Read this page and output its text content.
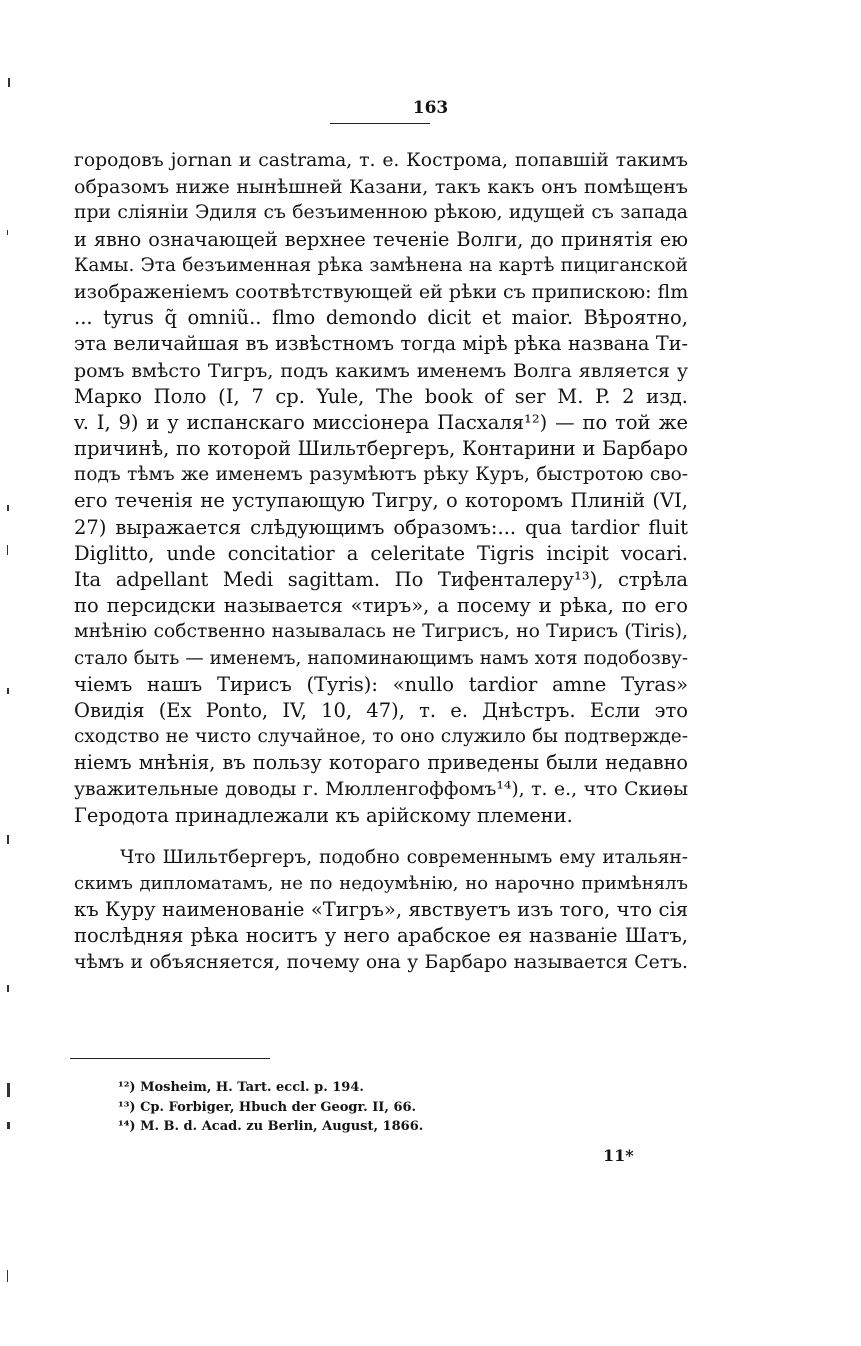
163
городовъ jornan и castrama, т. е. Кострома, попавшій такимъ
образомъ ниже нынѣшней Казани, такъ какъ онъ помѣщенъ
при сліяніи Эдиля съ безъименною рѣкою, идущей съ запада
и явно означающей верхнее теченіе Волги, до принятія ею
Камы. Эта безъименная рѣка замѣнена на картѣ пициганской
изображеніемъ соотвѣтствующей ей рѣки съ припискою: flm
... tyrus q̃ omniũ.. flmo demondo dicit et maior. Вѣроятно,
эта величайшая въ извѣстномъ тогда мірѣ рѣка названа Ти-
ромъ вмѣсто Тигръ, подъ какимъ именемъ Волга является у
Марко Поло (I, 7 cp. Yule, The book of ser M. P. 2 изд.
v. I, 9) и у испанскаго миссіонера Пасхаля¹²) — по той же
причинѣ, по которой Шильтбергеръ, Контарини и Барбаро
подъ тѣмъ же именемъ разумѣютъ рѣку Куръ, быстротою сво-
его теченія не уступающую Тигру, о которомъ Плиній (VI,
27) выражается слѣдующимъ образомъ:... qua tardior fluit
Diglitto, unde concitatior a celeritate Tigris incipit vocari.
Ita adpellant Medi sagittam. По Тифенталеру¹³), стрѣла
по персидски называется «тиръ», а посему и рѣка, по его
мнѣнію собственно называлась не Тигрисъ, но Тирисъ (Tiris),
стало быть — именемъ, напоминающимъ намъ хотя подобозву-
чіемъ нашъ Тирисъ (Tyris): «nullo tardior amne Tyras»
Овидія (Ex Ponto, IV, 10, 47), т. е. Днѣстръ. Если это
сходство не чисто случайное, то оно служило бы подтвержде-
ніемъ мнѣнія, въ пользу котораго приведены были недавно
уважительные доводы г. Мюлленгоффомъ¹⁴), т. е., что Скиѳы
Геродота принадлежали къ арійскому племени.
Что Шильтбергеръ, подобно современнымъ ему итальян-
скимъ дипломатамъ, не по недоумѣнію, но нарочно примѣнялъ
къ Куру наименованіе «Тигръ», явствуетъ изъ того, что сія
послѣдняя рѣка носитъ у него арабское ея названіе Шатъ,
чѣмъ и объясняется, почему она у Барбаро называется Сетъ.
¹²) Mosheim, H. Tart. eccl. p. 194.
¹³) Cp. Forbiger, Hbuch der Geogr. II, 66.
¹⁴) M. B. d. Acad. zu Berlin, August, 1866.
11*
